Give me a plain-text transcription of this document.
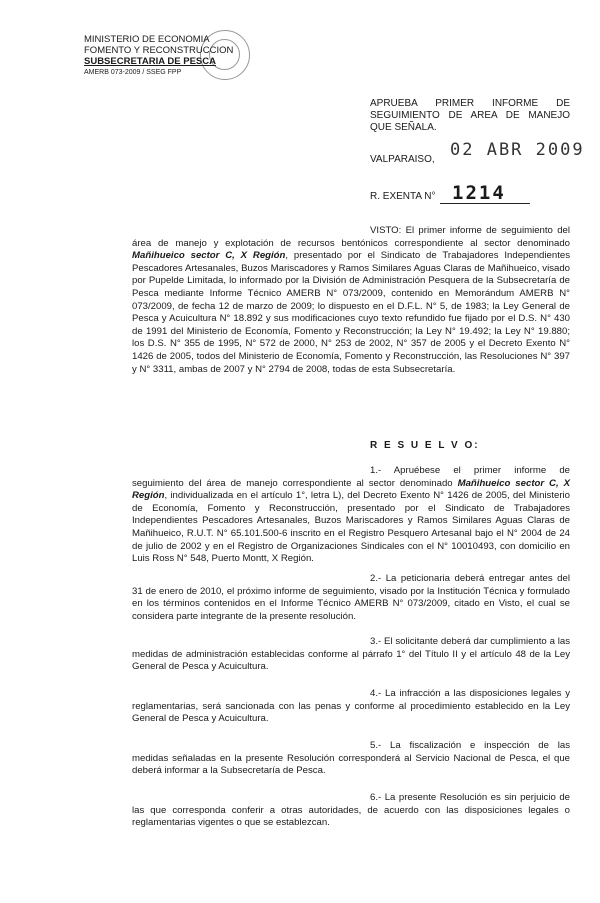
MINISTERIO DE ECONOMIA
FOMENTO Y RECONSTRUCCION
SUBSECRETARIA DE PESCA
AMERB 073-2009 / SSEG FPP
APRUEBA PRIMER INFORME DE SEGUIMIENTO DE AREA DE MANEJO QUE SEÑALA.
VALPARAISO, 02 ABR 2009
R. EXENTA N° 1214
VISTO: El primer informe de seguimiento del área de manejo y explotación de recursos bentónicos correspondiente al sector denominado Mañihueico sector C, X Región, presentado por el Sindicato de Trabajadores Independientes Pescadores Artesanales, Buzos Mariscadores y Ramos Similares Aguas Claras de Mañihueico, visado por Pupelde Limitada, lo informado por la División de Administración Pesquera de la Subsecretaría de Pesca mediante Informe Técnico AMERB N° 073/2009, contenido en Memorándum AMERB N° 073/2009, de fecha 12 de marzo de 2009; lo dispuesto en el D.F.L. N° 5, de 1983; la Ley General de Pesca y Acuicultura N° 18.892 y sus modificaciones cuyo texto refundido fue fijado por el D.S. N° 430 de 1991 del Ministerio de Economía, Fomento y Reconstrucción; la Ley N° 19.492; la Ley N° 19.880; los D.S. N° 355 de 1995, N° 572 de 2000, N° 253 de 2002, N° 357 de 2005 y el Decreto Exento N° 1426 de 2005, todos del Ministerio de Economía, Fomento y Reconstrucción, las Resoluciones N° 397 y N° 3311, ambas de 2007 y N° 2794 de 2008, todas de esta Subsecretaría.
R E S U E L V O:
1.- Apruébese el primer informe de seguimiento del área de manejo correspondiente al sector denominado Mañihueico sector C, X Región, individualizada en el artículo 1°, letra L), del Decreto Exento N° 1426 de 2005, del Ministerio de Economía, Fomento y Reconstrucción, presentado por el Sindicato de Trabajadores Independientes Pescadores Artesanales, Buzos Mariscadores y Ramos Similares Aguas Claras de Mañihueico, R.U.T. N° 65.101.500-6 inscrito en el Registro Pesquero Artesanal bajo el N° 2004 de 24 de julio de 2002 y en el Registro de Organizaciones Sindicales con el N° 10010493, con domicilio en Luis Ross N° 548, Puerto Montt, X Región.
2.- La peticionaria deberá entregar antes del 31 de enero de 2010, el próximo informe de seguimiento, visado por la Institución Técnica y formulado en los términos contenidos en el Informe Técnico AMERB N° 073/2009, citado en Visto, el cual se considera parte integrante de la presente resolución.
3.- El solicitante deberá dar cumplimiento a las medidas de administración establecidas conforme al párrafo 1° del Título II y el artículo 48 de la Ley General de Pesca y Acuicultura.
4.- La infracción a las disposiciones legales y reglamentarias, será sancionada con las penas y conforme al procedimiento establecido en la Ley General de Pesca y Acuicultura.
5.- La fiscalización e inspección de las medidas señaladas en la presente Resolución corresponderá al Servicio Nacional de Pesca, el que deberá informar a la Subsecretaría de Pesca.
6.- La presente Resolución es sin perjuicio de las que corresponda conferir a otras autoridades, de acuerdo con las disposiciones legales o reglamentarias vigentes o que se establezcan.
